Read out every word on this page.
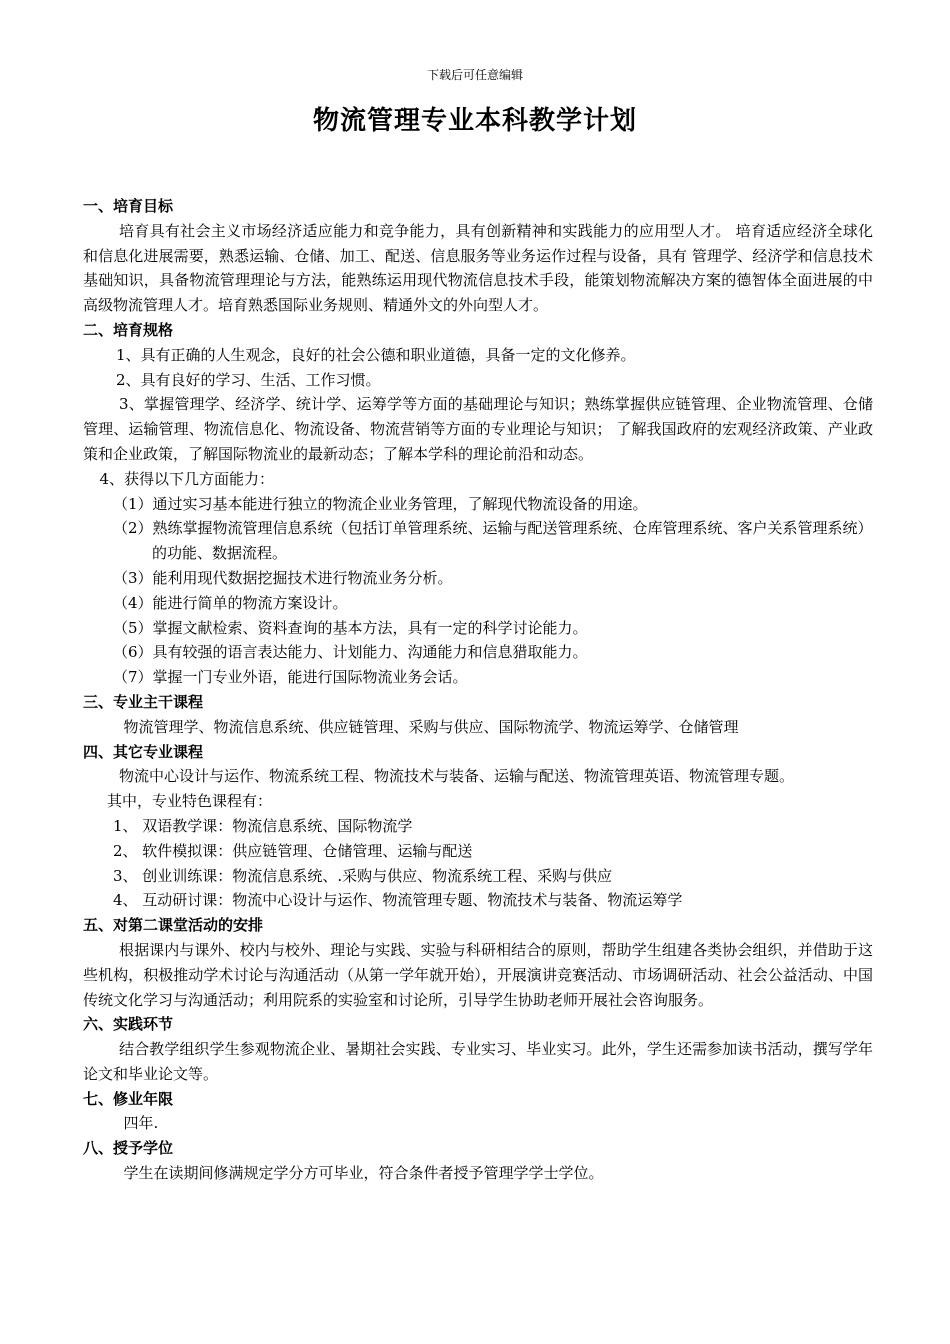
下载后可任意编辑
物流管理专业本科教学计划
一、培育目标

培育具有社会主义市场经济适应能力和竞争能力，具有创新精神和实践能力的应用型人才。 培育适应经济全球化和信息化进展需要，熟悉运输、仓储、加工、配送、信息服务等业务运作过程与设备，具有 管理学、经济学和信息技术基础知识，具备物流管理理论与方法，能熟练运用现代物流信息技术手段，能策划物流解决方案的德智体全面进展的中高级物流管理人才。培育熟悉国际业务规则、精通外文的外向型人才。

二、培育规格

1、具有正确的人生观念，良好的社会公德和职业道德，具备一定的文化修养。

2、具有良好的学习、生活、工作习惯。

3、掌握管理学、经济学、统计学、运筹学等方面的基础理论与知识；熟练掌握供应链管理、企业物流管理、仓储管理、运输管理、物流信息化、物流设备、物流营销等方面的专业理论与知识； 了解我国政府的宏观经济政策、产业政策和企业政策，了解国际物流业的最新动态；了解本学科的理论前沿和动态。

4、获得以下几方面能力：

（1）通过实习基本能进行独立的物流企业业务管理，了解现代物流设备的用途。

（2）熟练掌握物流管理信息系统（包括订单管理系统、运输与配送管理系统、仓库管理系统、客户关系管理系统）的功能、数据流程。

（3）能利用现代数据挖掘技术进行物流业务分析。

（4）能进行简单的物流方案设计。

（5）掌握文献检索、资料查询的基本方法，具有一定的科学讨论能力。

（6）具有较强的语言表达能力、计划能力、沟通能力和信息猎取能力。

（7）掌握一门专业外语，能进行国际物流业务会话。

三、专业主干课程

物流管理学、物流信息系统、供应链管理、采购与供应、国际物流学、物流运筹学、仓储管理

四、其它专业课程

物流中心设计与运作、物流系统工程、物流技术与装备、运输与配送、物流管理英语、物流管理专题。

其中，专业特色课程有：

1、 双语教学课：物流信息系统、国际物流学

2、 软件模拟课：供应链管理、仓储管理、运输与配送

3、 创业训练课：物流信息系统、.采购与供应、物流系统工程、采购与供应

4、 互动研讨课：物流中心设计与运作、物流管理专题、物流技术与装备、物流运筹学

五、对第二课堂活动的安排

根据课内与课外、校内与校外、理论与实践、实验与科研相结合的原则，帮助学生组建各类协会组织，并借助于这些机构，积极推动学术讨论与沟通活动（从第一学年就开始），开展演讲竞赛活动、市场调研活动、社会公益活动、中国传统文化学习与沟通活动；利用院系的实验室和讨论所，引导学生协助老师开展社会咨询服务。

六、实践环节

结合教学组织学生参观物流企业、暑期社会实践、专业实习、毕业实习。此外，学生还需参加读书活动，撰写学年论文和毕业论文等。

七、修业年限

四年.

八、授予学位

学生在读期间修满规定学分方可毕业，符合条件者授予管理学学士学位。
